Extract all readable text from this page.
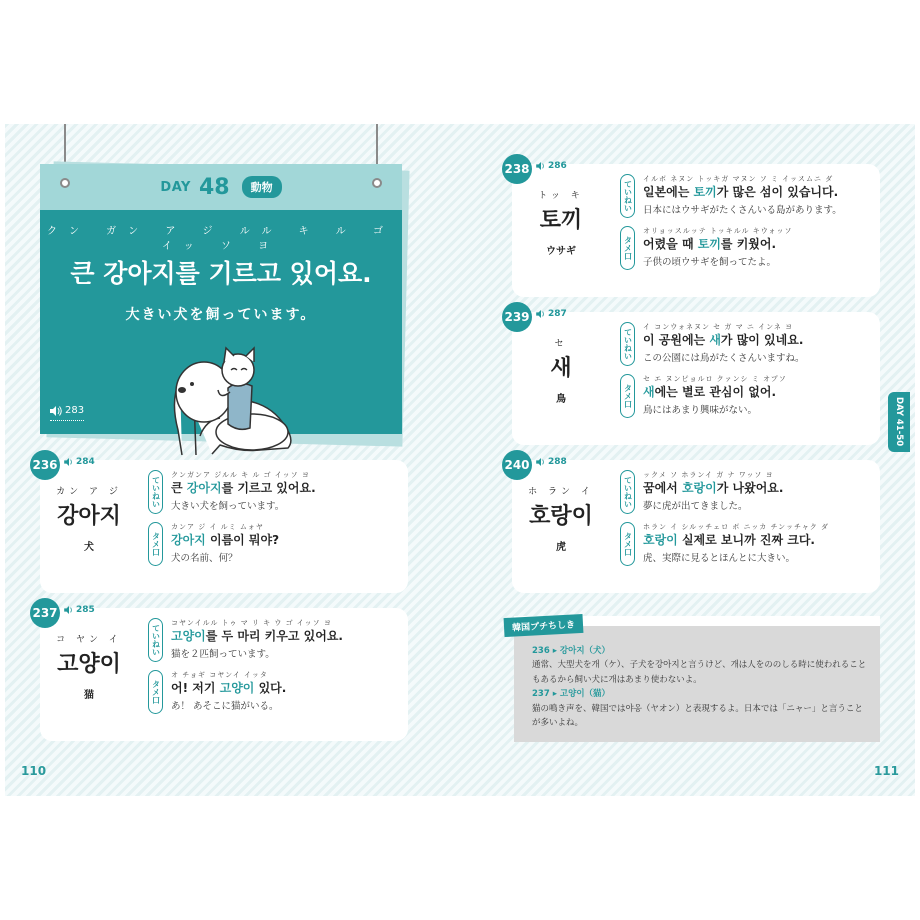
110	111
DAY 48	動物
クン ガン ア ジ ルル キ ル ゴ イッ ソ ヨ
큰 강아지를 기르고 있어요.
大きい犬を飼っています。
283
236 284
カン ア ジ
강아지
犬
ていねい
クンガンア ジルル キ ル ゴ イッソ ヨ
큰 강아지를 기르고 있어요.
大きい犬を飼っています。
タメ口
カンア ジ イ ルミ ムォヤ
강아지 이름이 뭐야?
犬の名前、何？
237 285
コ ヤン イ
고양이
猫
ていねい
コヤンイルル トゥ マ リ キ ウ ゴ イッソ ヨ
고양이를 두 마리 키우고 있어요.
猫を２匹飼っています。
タメ口
オ チョギ コヤンイ イッタ
어! 저기 고양이 있다.
あ！ あそこに猫がいる。
238 286
トッ キ
토끼
ウサギ
ていねい
イルボ ネヌン トッキガ マヌン ソ ミ イッスムニ ダ
일본에는 토끼가 많은 섬이 있습니다.
日本にはウサギがたくさんいる島があります。
タメ口
オリョッスルッテ トッキルル キウォッソ
어렸을 때 토끼를 키웠어.
子供の頃ウサギを飼ってたよ。
239 287
セ
새
鳥
ていねい
イ コンウォネヌン セ ガ マ ニ インネ ヨ
이 공원에는 새가 많이 있네요.
この公園には鳥がたくさんいますね。
タメ口
セ エ ヌンピョルロ クァンシ ミ オプソ
새에는 별로 관심이 없어.
鳥にはあまり興味がない。
240 288
ホ ラン イ
호랑이
虎
ていねい
ックメ ソ ホランイ ガ ナ ワッソ ヨ
꿈에서 호랑이가 나왔어요.
夢に虎が出てきました。
タメ口
ホラン イ シルッチェロ ボ ニッカ チンッチャク ダ
호랑이 실제로 보니까 진짜 크다.
虎、実際に見るとほんとに大きい。
韓国プチちしき
236 ▸ 강아지（犬）
通常、大型犬を개（ケ）、子犬を강아지と言うけど、개は人をののしる時に使われることもあるから飼い犬に개はあまり使わないよ。
237 ▸ 고양이（猫）
猫の鳴き声を、韓国では야옹（ヤオン）と表現するよ。日本では「ニャー」と言うことが多いよね。
DAY 41-50
